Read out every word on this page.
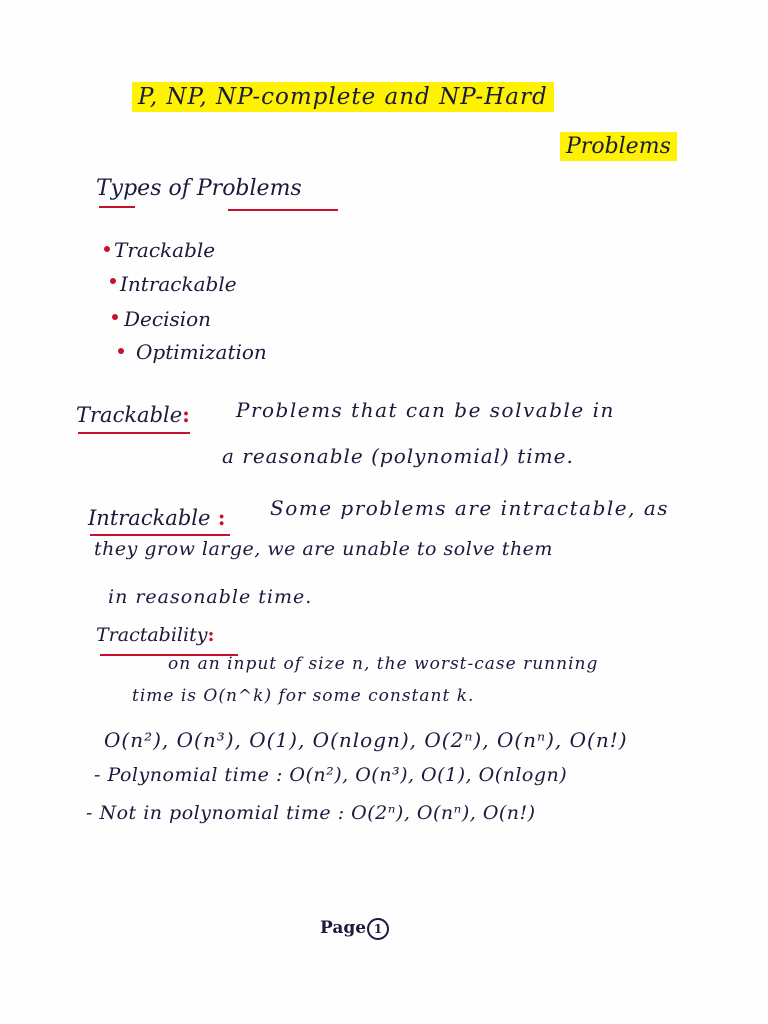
P, NP, NP-complete and NP-Hard
Problems
Types of Problems
Trackable
Intrackable
Decision
Optimization
Trackable: Problems that can be solvable in
a reasonable (polynomial) time.
Intrackable : Some problems are intractable, as
they grow large, we are unable to solve them
in reasonable time.
Tractability:
on an input of size n, the worst-case running
time is O(n^k) for some constant k.
O(n²), O(n³), O(1), O(nlogn), O(2ⁿ), O(nⁿ), O(n!)
- Polynomial time : O(n²), O(n³), O(1), O(nlogn)
- Not in polynomial time : O(2ⁿ), O(nⁿ), O(n!)
Page 1
